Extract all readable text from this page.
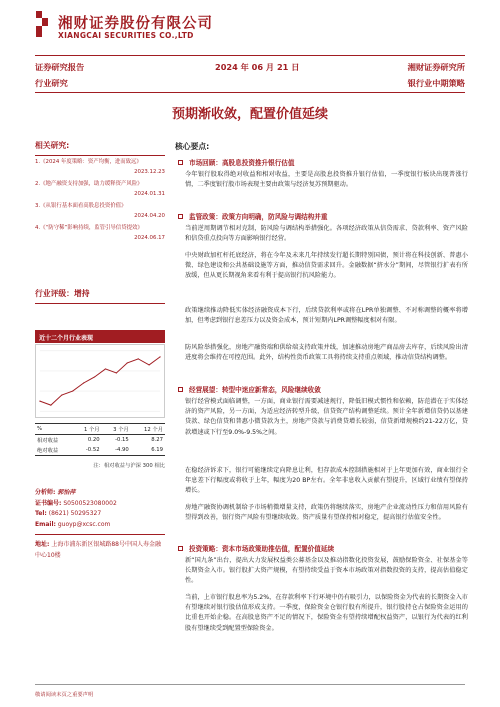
湘财证券股份有限公司
XIANGCAI SECURITIES CO.,LTD
证券研究报告	2024 年 06 月 21 日	湘财证券研究所
行业研究	银行业中期策略
预期渐收敛，配置价值延续
相关研究:
1.《2024 年度策略：资产均衡，进而致远》
2023.12.23
2.《地产融资支持加强，助力缓释资产风险》
2024.01.31
3.《从银行基本面看高股息投资价值》
2024.04.20
4.《“防守稀”影响持续，监管引导信贷提效》
2024.06.17
行业评级：增持
近十二个月行业表现
%	1 个月	3 个月	12 个月
相对收益	0.20	-0.15	8.27
绝对收益	-0.52	-4.90	6.19
注：相对收益与沪深 300 相比
分析师: 郭怡萍
证书编号: S0500523080002
Tel: (8621) 50295327
Email: guoyp@xcsc.com
地址: 上海市浦东新区银城路88号中国人寿金融中心10楼
核心要点:
市场回顾：高股息投资推升银行估值
今年银行股取得绝对收益和相对收益，主要是高股息投资推升银行估值，一季度银行板块出现普涨行情，二季度银行股市场表现主要由政策与经济复苏预期驱动。
监管政策：政策方向明确，防风险与调结构并重
当前逆周期调节相对克制，防风险与调结构举措强化。各项经济政策从信贷需求、贷款利率、资产风险和信贷重点投向等方面影响银行经营。
中央财政加杠杆托底经济，将在今年及未来几年持续发行超长期特别国债，预计将在科技创新、普惠小微、绿色建设和公共基础设施等方面，推动信贷需求回升。金融数据“挤水分”期间，尽管银行扩表有所放缓，但从更长期视角来看有利于提高银行抗风险能力。
政策继续推动降低实体经济融资成本下行，后续贷款利率或将在LPR单独调整、不对称调整的概率将增加，但考虑到银行息差压力以及资金成本，预计短期内LPR调整幅度相对有限。
防风险举措强化，房地产融资端和供给端支持政策并线，加速推动房地产商品房去库存，后续风险出清进度将会维持在可控范围。此外，结构性货币政策工具将持续支持重点领域，推动信贷结构调整。
经营展望：转型中迷应新常态，风险继续收敛
银行经营模式面临调整，一方面，商业银行需要减速规行，降低旧模式惯性和依赖，防范潜在于实体经济的资产风险，另一方面，为适应经济转型升级，信贷资产结构调整延续。预计全年新增信贷仍以基建贷款、绿色信贷和普惠小微贷款为主，房地产贷款与消费贷增长较弱，信贷新增规模约21-22万亿，贷款增速或下行至9.0%-9.5%之间。
在稳经济诉求下，银行可能继续定向降息让利，但存款成本控制措施相对于上年更加有效，商业银行全年息差下行幅度或将收于上年，幅度为20 BP左右。全年非息收入贡献有望提升，区域行业绩有望保持增长。
房地产融资协调机制给予市场稍微增量支持，政策仍将继续落实，房地产企业流动性压力和信用风险有望得到改善，银行资产风险有望继续收敛。资产质量有望保持相对稳定，提高银行估值安全性。
投资策略：资本市场政策助推估值，配置价值延续
新“国九条”出台，提出大力发展权益类公募基金以及推动指数化投资发展，鼓励保险资金、社保基金等长期资金入市。银行股扩大资产规模，有望持续受益于资本市场政策对指数投资的支持，提高估值稳定性。
当前，上市银行股息率为5.2%，在存款利率下行环境中仍有吸引力，以保险资金为代表的长期资金入市有望继续对银行股估值形成支持。一季度，保险资金仓银行股有所提升，银行股持仓占保险资金运用的比重也开始企稳。在高股息资产不足的情况下，保险资金有望持续增配权益资产，以银行为代表的红利股有望继续受到配置型保险资金。
敬请阅读末页之重要声明
